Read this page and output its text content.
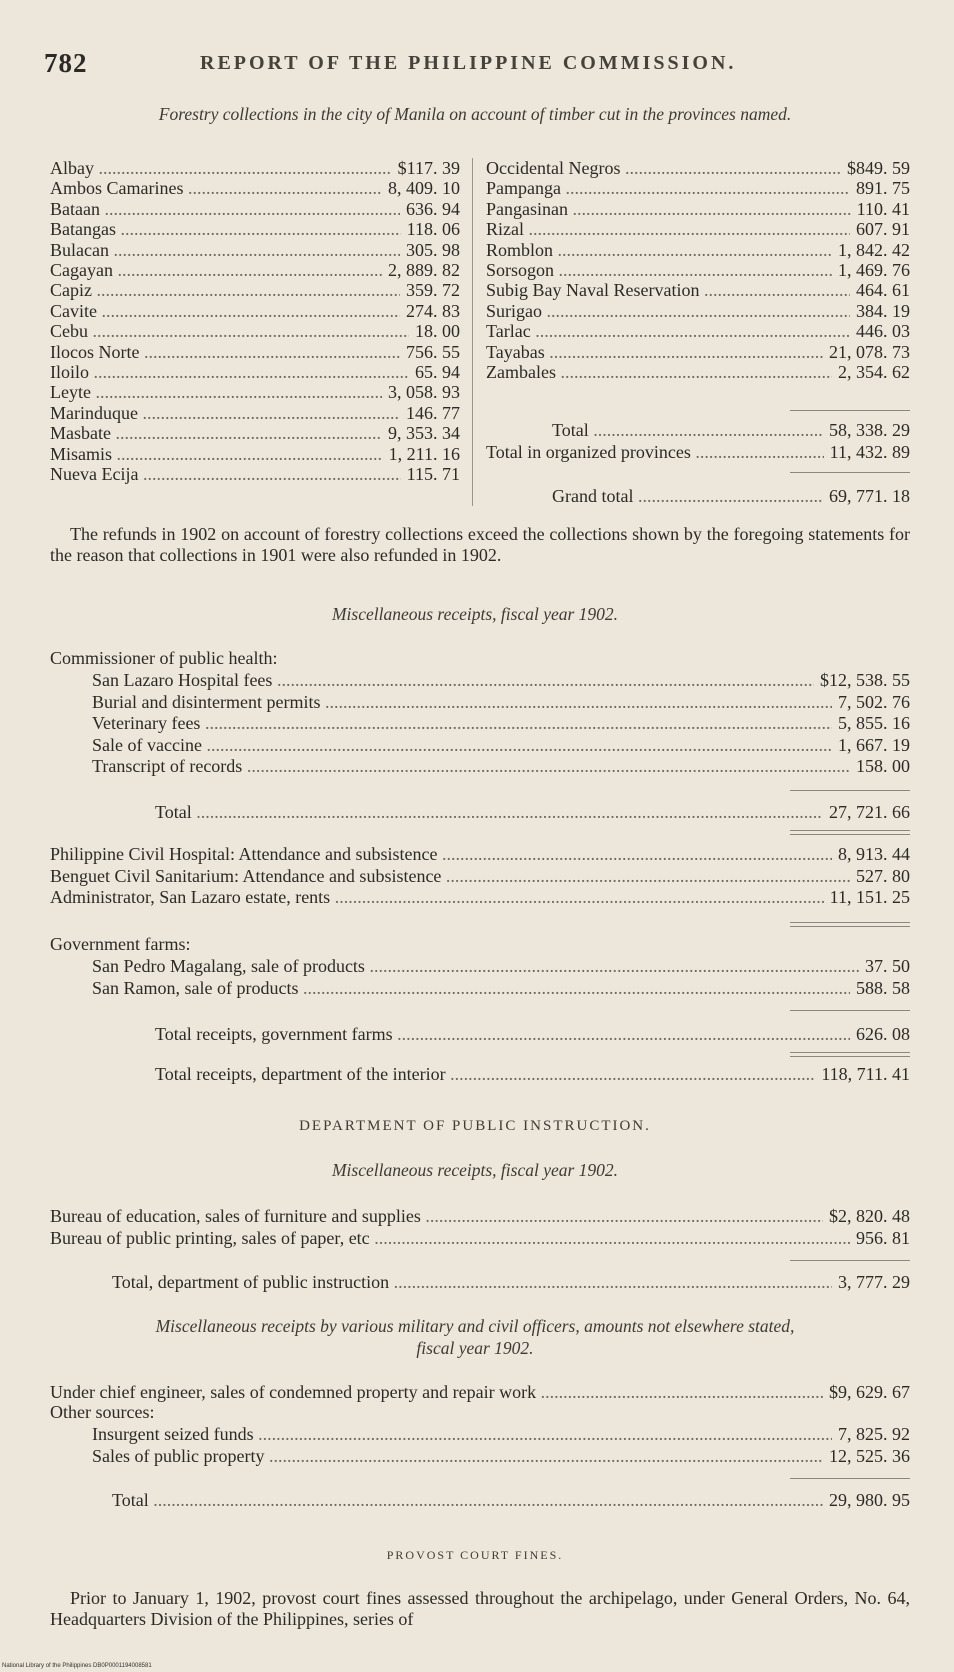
782	REPORT OF THE PHILIPPINE COMMISSION.
Forestry collections in the city of Manila on account of timber cut in the provinces named.
Albay .....	$117. 39
Ambos Camarines .....	8, 409. 10
Bataan .....	636. 94
Batangas .....	118. 06
Bulacan .....	305. 98
Cagayan .....	2, 889. 82
Capiz .....	359. 72
Cavite .....	274. 83
Cebu .....	18. 00
Ilocos Norte .....	756. 55
Iloilo .....	65. 94
Leyte .....	3, 058. 93
Marinduque .....	146. 77
Masbate .....	9, 353. 34
Misamis .....	1, 211. 16
Nueva Ecija .....	115. 71
Occidental Negros .....	$849. 59
Pampanga .....	891. 75
Pangasinan .....	110. 41
Rizal .....	607. 91
Romblon .....	1, 842. 42
Sorsogon .....	1, 469. 76
Subig Bay Naval Reservation .....	464. 61
Surigao .....	384. 19
Tarlac .....	446. 03
Tayabas .....	21, 078. 73
Zambales .....	2, 354. 62
Total .....	58, 338. 29
Total in organized provinces .....	11, 432. 89
Grand total .....	69, 771. 18
The refunds in 1902 on account of forestry collections exceed the collections shown by the foregoing statements for the reason that collections in 1901 were also refunded in 1902.
Miscellaneous receipts, fiscal year 1902.
Commissioner of public health:
San Lazaro Hospital fees .....	$12, 538. 55
Burial and disinterment permits .....	7, 502. 76
Veterinary fees .....	5, 855. 16
Sale of vaccine .....	1, 667. 19
Transcript of records .....	158. 00
Total .....	27, 721. 66
Philippine Civil Hospital: Attendance and subsistence .....	8, 913. 44
Benguet Civil Sanitarium: Attendance and subsistence .....	527. 80
Administrator, San Lazaro estate, rents .....	11, 151. 25
Government farms:
San Pedro Magalang, sale of products .....	37. 50
San Ramon, sale of products .....	588. 58
Total receipts, government farms .....	626. 08
Total receipts, department of the interior .....	118, 711. 41
DEPARTMENT OF PUBLIC INSTRUCTION.
Miscellaneous receipts, fiscal year 1902.
Bureau of education, sales of furniture and supplies .....	$2, 820. 48
Bureau of public printing, sales of paper, etc .....	956. 81
Total, department of public instruction .....	3, 777. 29
Miscellaneous receipts by various military and civil officers, amounts not elsewhere stated,
fiscal year 1902.
Under chief engineer, sales of condemned property and repair work .....	$9, 629. 67
Other sources:
Insurgent seized funds .....	7, 825. 92
Sales of public property .....	12, 525. 36
Total .....	29, 980. 95
PROVOST COURT FINES.
Prior to January 1, 1902, provost court fines assessed throughout the archipelago, under General Orders, No. 64, Headquarters Division of the Philippines, series of
National Library of the Philippines DB0P0001194008581
